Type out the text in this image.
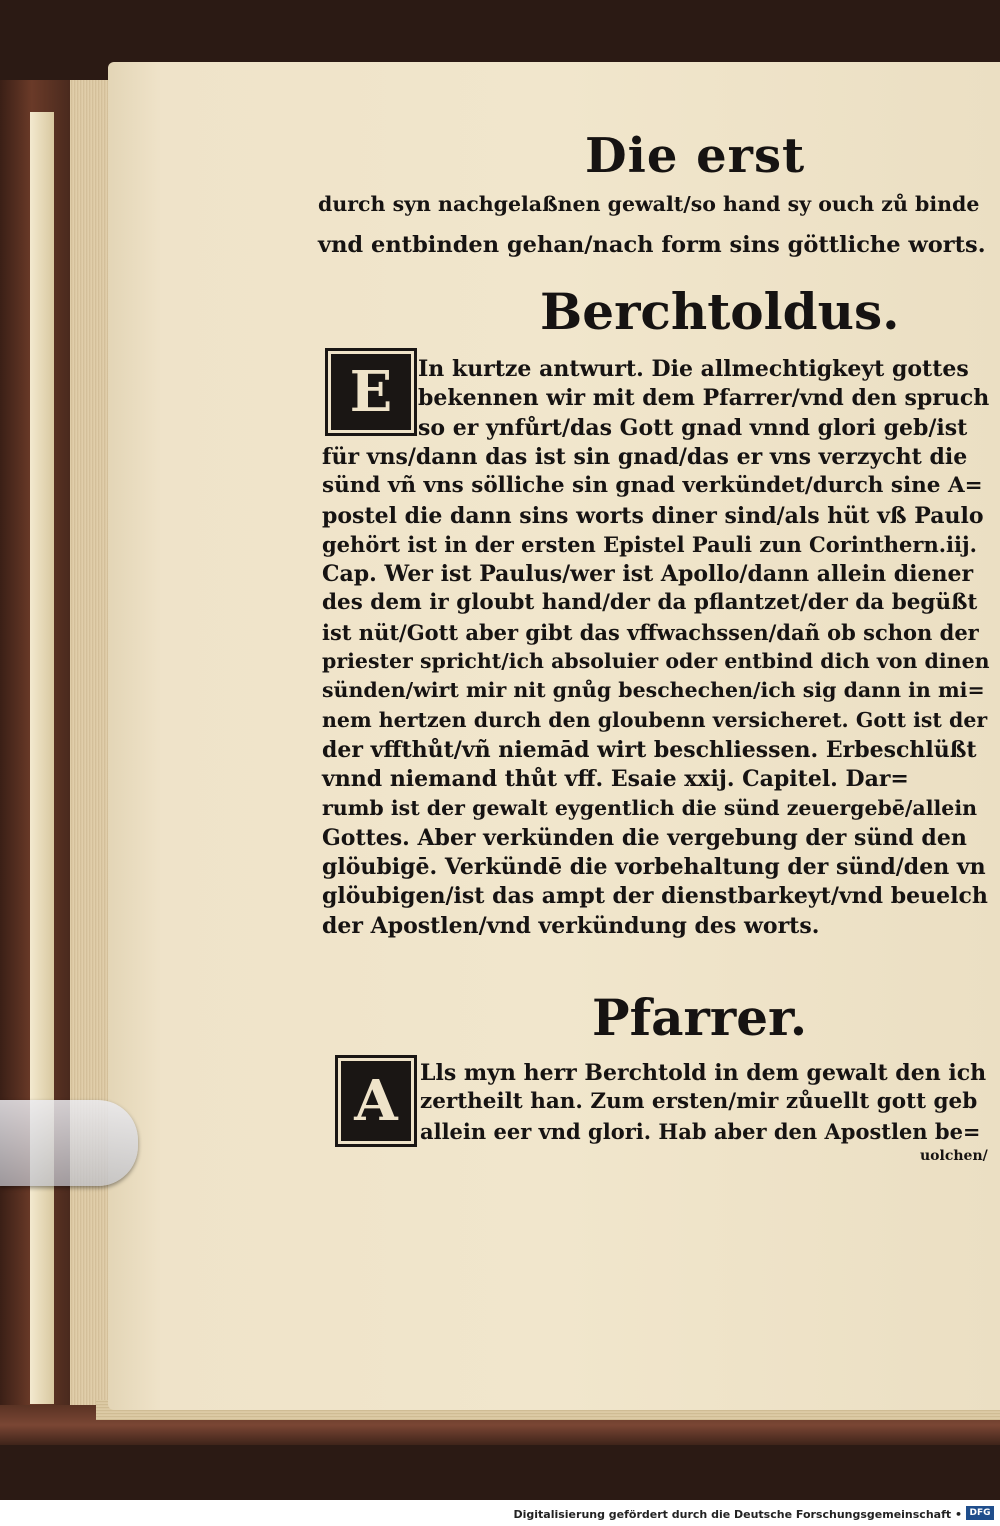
Die erst
durch syn nachgelaßnen gewalt/so hand sy ouch zů binde
vnd entbinden gehan/nach form sins göttliche worts.
Berchtoldus.
E In kurtze antwurt. Die allmechtigkeyt gottes
bekennen wir mit dem Pfarrer/vnd den spruch
so er ynfůrt/das Gott gnad vnnd glori geb/ist
für vns/dann das ist sin gnad/das er vns verzycht die
sünd vñ vns sölliche sin gnad verkündet/durch sine A=
postel die dann sins worts diner sind/als hüt vß Paulo
gehört ist in der ersten Epistel Pauli zun Corinthern.iij.
Cap. Wer ist Paulus/wer ist Apollo/dann allein diener
des dem ir gloubt hand/der da pflantzet/der da begüßt
ist nüt/Gott aber gibt das vffwachssen/dañ ob schon der
priester spricht/ich absoluier oder entbind dich von dinen
sünden/wirt mir nit gnůg beschechen/ich sig dann in mi=
nem hertzen durch den gloubenn versicheret. Gott ist der
der vffthůt/vñ niemād wirt beschliessen. Erbeschlüßt
vnnd niemand thůt vff. Esaie xxij. Capitel. Dar=
rumb ist der gewalt eygentlich die sünd zeuergebē/allein
Gottes. Aber verkünden die vergebung der sünd den
glöubigē. Verkündē die vorbehaltung der sünd/den vn
glöubigen/ist das ampt der dienstbarkeyt/vnd beuelch
der Apostlen/vnd verkündung des worts.
Pfarrer.
A Lls myn herr Berchtold in dem gewalt den ich
zertheilt han. Zum ersten/mir zůuellt gott geb
allein eer vnd glori. Hab aber den Apostlen be=
uolchen/
Digitalisierung gefördert durch die Deutsche Forschungsgemeinschaft • DFG
